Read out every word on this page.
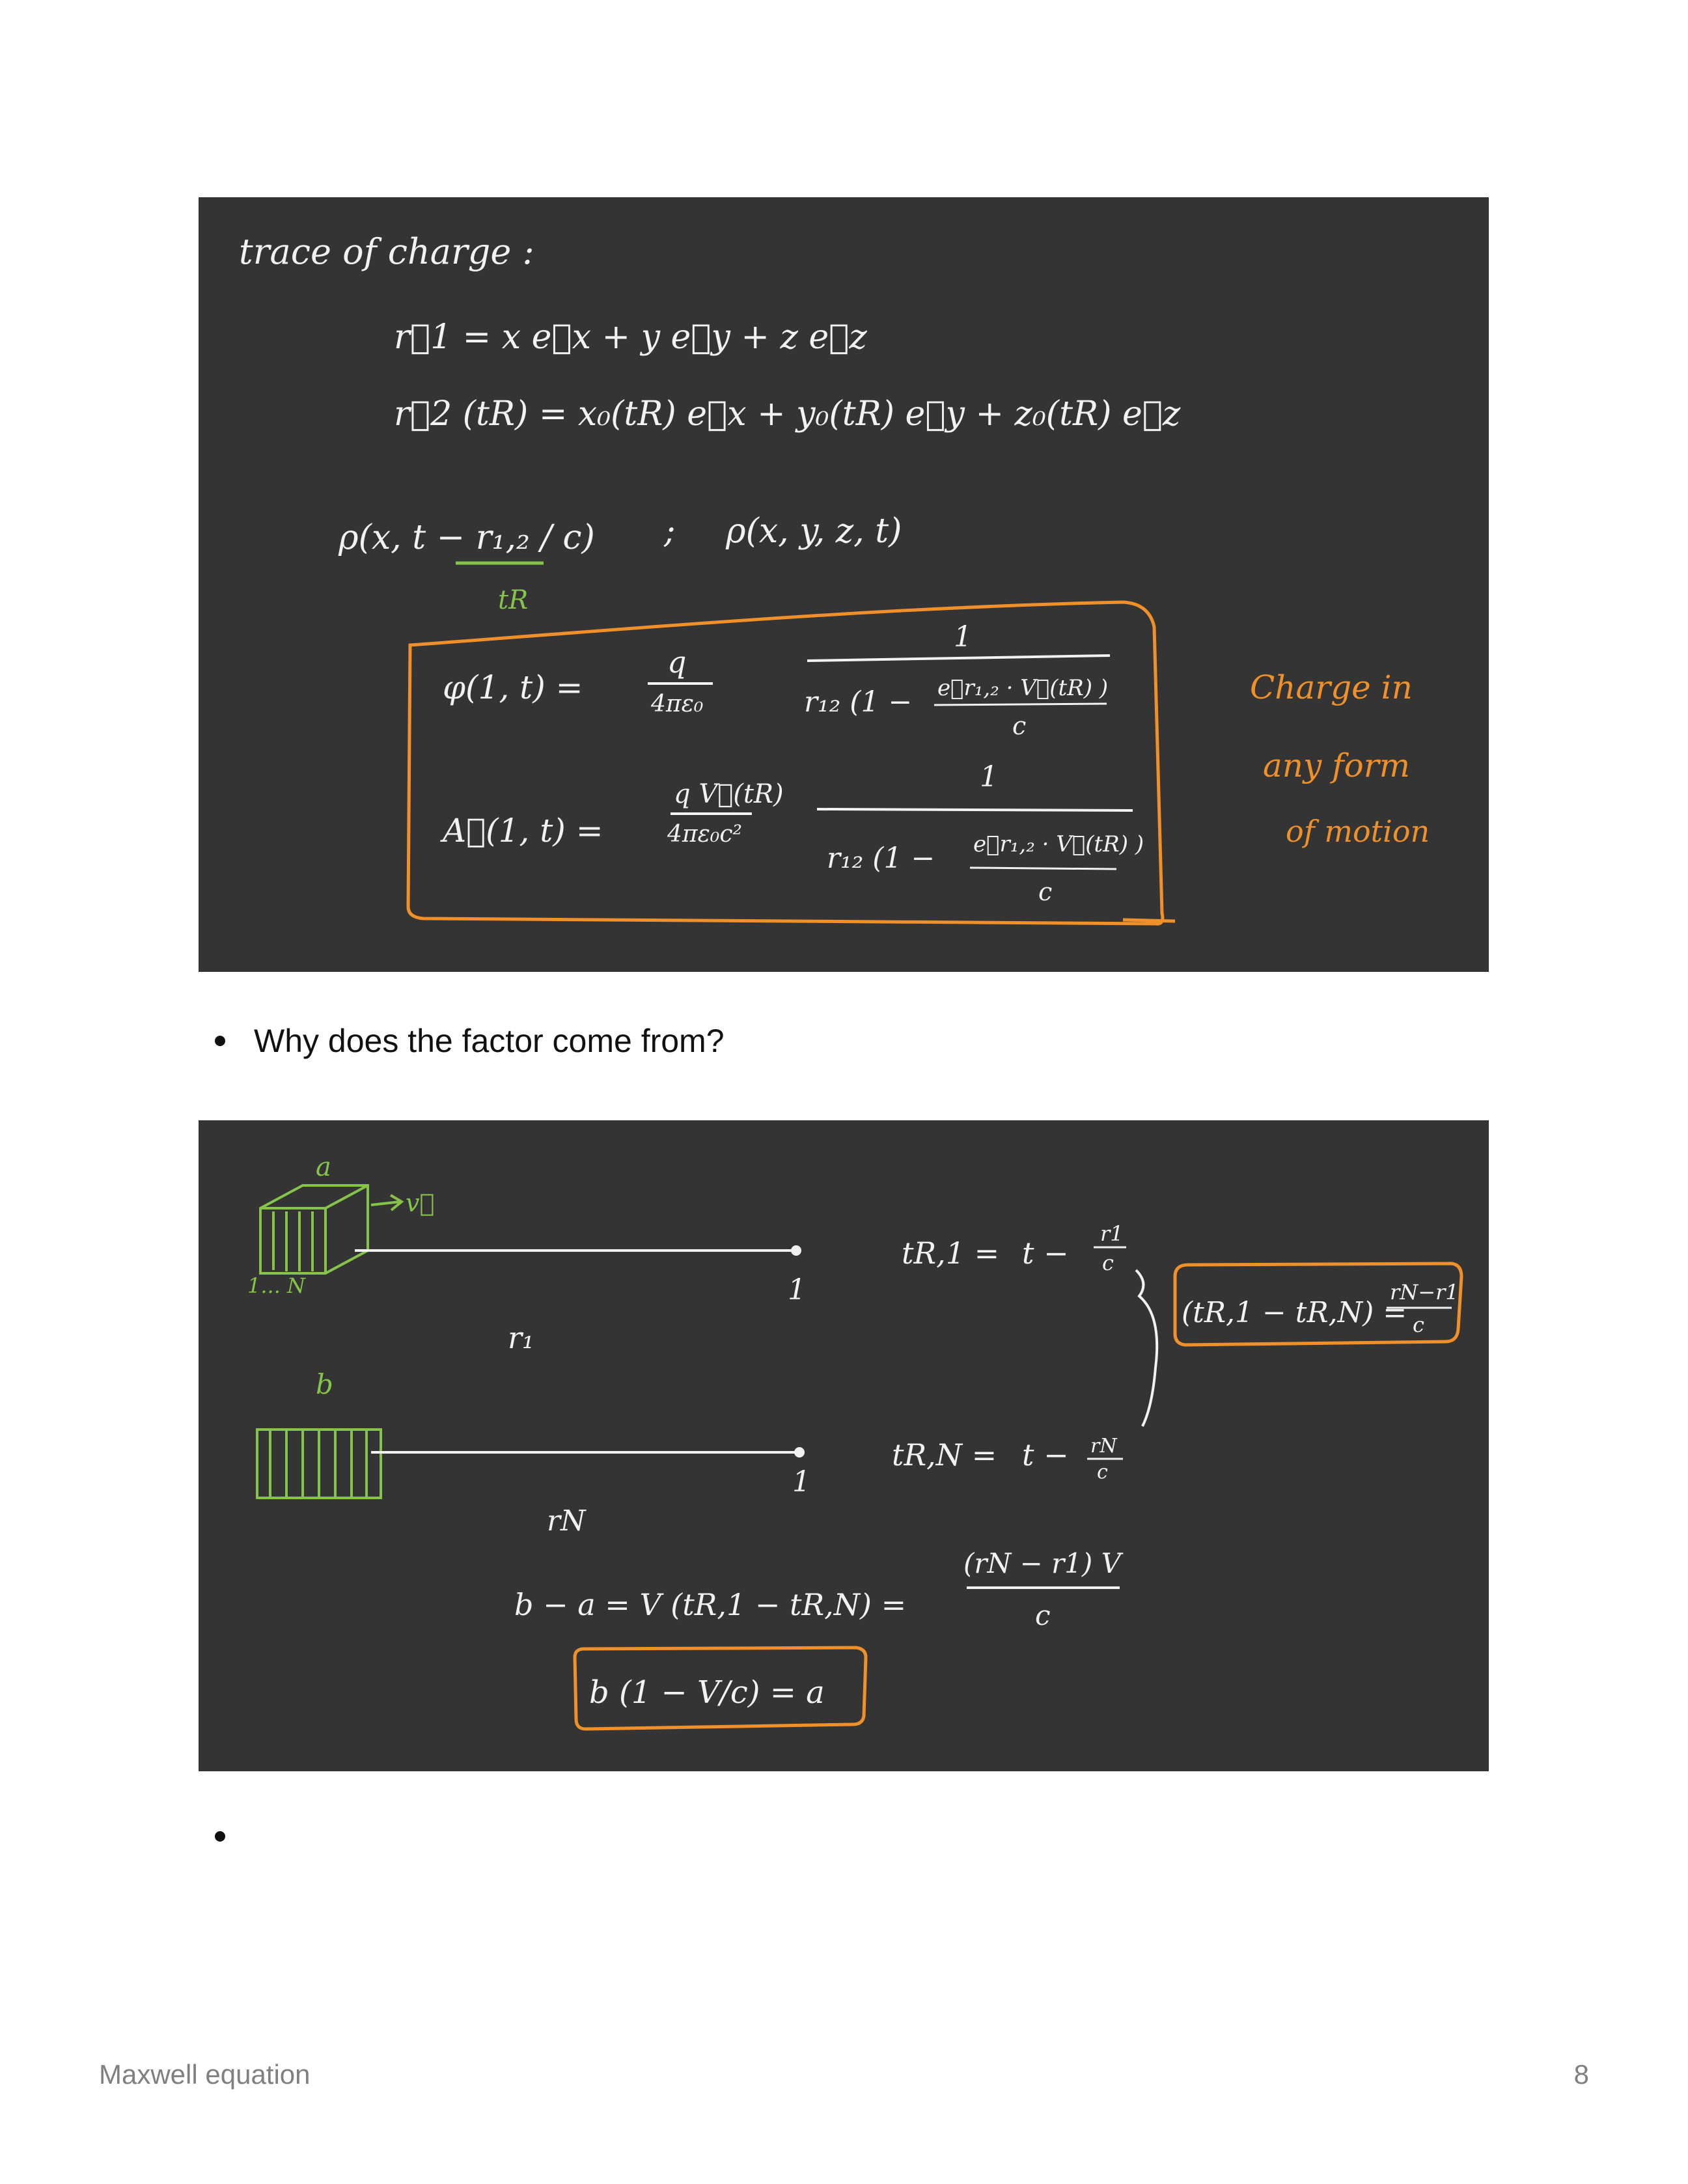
trace of charge :
r⃗1 = x e⃗x + y e⃗y + z e⃗z
r⃗2 (tR) = x₀(tR) e⃗x + y₀(tR) e⃗y + z₀(tR) e⃗z
ρ(x, t − r₁,₂ / c) ; ρ(x, y, z, t)
tR
φ(1, t) =
q
4πε₀
1
r₁₂ (1 − e⃗r₁,₂ · V⃗(tR) )
c
A⃗(1, t) =
q V⃗(tR)
4πε₀c²
1
r₁₂ (1 − e⃗r₁,₂ · V⃗(tR) )
c
Charge in
any form
of motion
Why does the factor come from?
a
v⃗
1... N	1
r₁
b
1
rN
tR,1 = t −
r1
c
tR,N = t − rN
c
(tR,1 − tR,N) =
rN−r1
c
b − a = V (tR,1 − tR,N) =
(rN − r1) V
c
b (1 − V/c) = a
Maxwell equation	8
